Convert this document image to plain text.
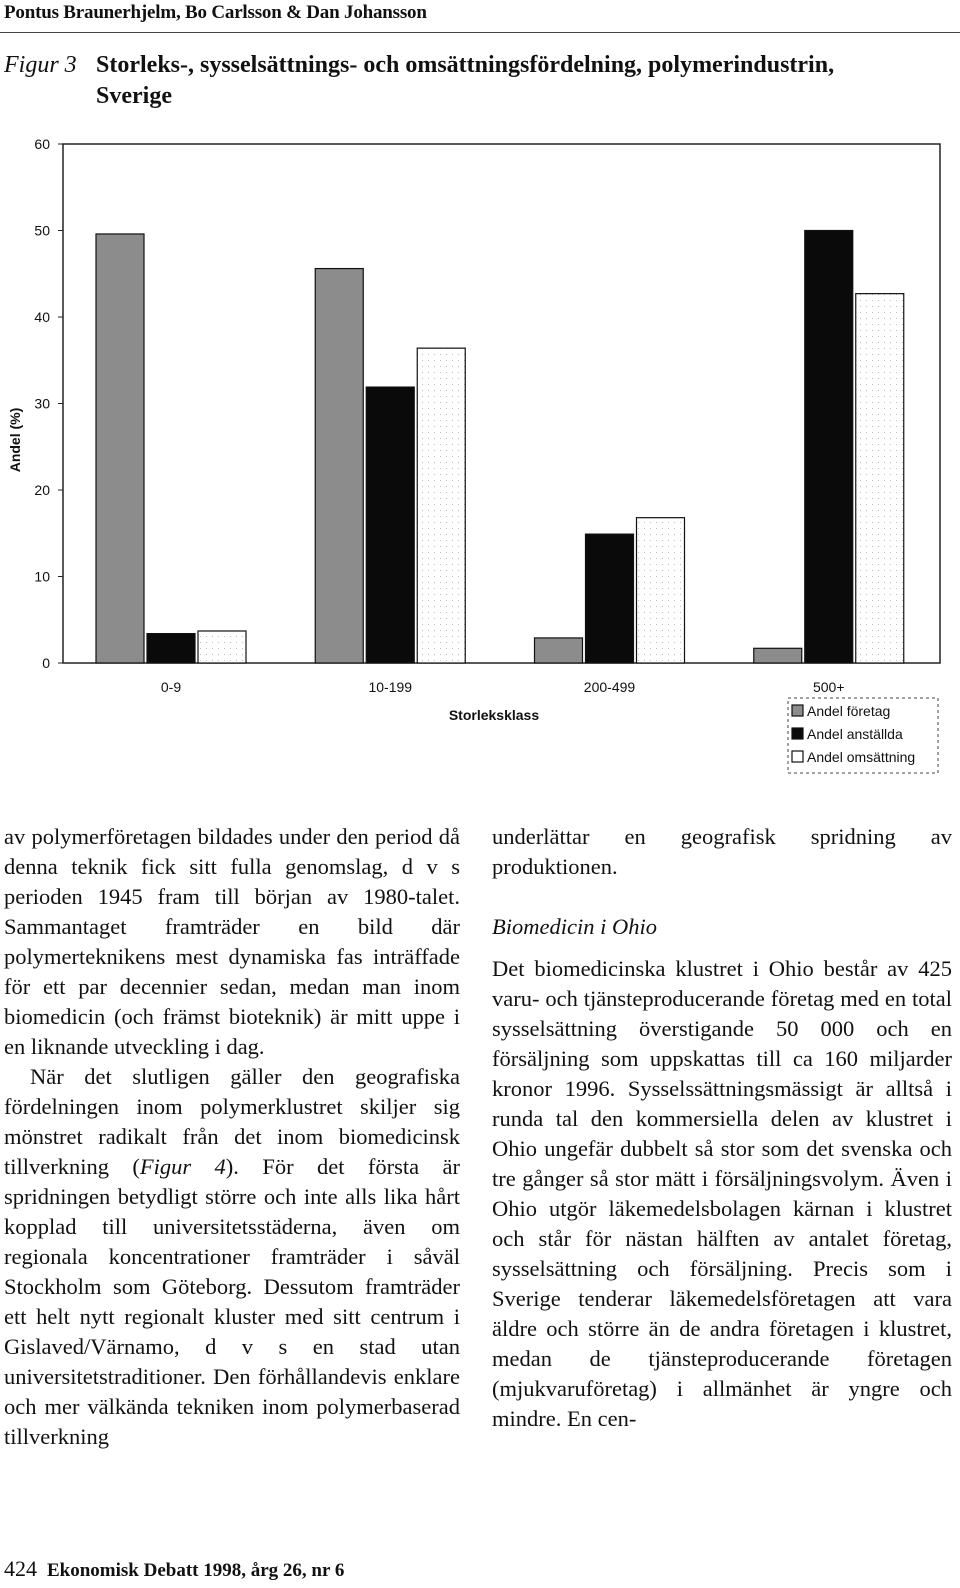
Pontus Braunerhjelm, Bo Carlsson & Dan Johansson
Figur 3 Storleks-, sysselsättnings- och omsättningsfördelning, polymerindustrin,
Sverige
0
10
20
30
40
50
60
0-9	10-199	200-499	500+
Andel (%)
Storleksklass	Andel företag
Andel anställda
Andel omsättning

av polymerföretagen bildades under den period då denna teknik fick sitt fulla genomslag, d v s perioden 1945 fram till början av 1980-talet. Sammantaget framträder en bild där polymerteknikens mest dynamiska fas inträffade för ett par decennier sedan, medan man inom biomedicin (och främst bioteknik) är mitt uppe i en liknande utveckling i dag.

När det slutligen gäller den geografiska fördelningen inom polymerklustret skiljer sig mönstret radikalt från det inom biomedicinsk tillverkning (Figur 4). För det första är spridningen betydligt större och inte alls lika hårt kopplad till universitetsstäderna, även om regionala koncentrationer framträder i såväl Stockholm som Göteborg. Dessutom framträder ett helt nytt regionalt kluster med sitt centrum i Gislaved/Värnamo, d v s en stad utan universitetstraditioner. Den förhållandevis enklare och mer välkända tekniken inom polymerbaserad tillverkning

underlättar en geografisk spridning av produktionen.

Biomedicin i Ohio

Det biomedicinska klustret i Ohio består av 425 varu- och tjänsteproducerande företag med en total sysselsättning överstigande 50 000 och en försäljning som uppskattas till ca 160 miljarder kronor 1996. Sysselssättningsmässigt är alltså i runda tal den kommersiella delen av klustret i Ohio ungefär dubbelt så stor som det svenska och tre gånger så stor mätt i försäljningsvolym. Även i Ohio utgör läkemedelsbolagen kärnan i klustret och står för nästan hälften av antalet företag, sysselsättning och försäljning. Precis som i Sverige tenderar läkemedelsföretagen att vara äldre och större än de andra företagen i klustret, medan de tjänsteproducerande företagen (mjukvaruföretag) i allmänhet är yngre och mindre. En cen-

424 Ekonomisk Debatt 1998, årg 26, nr 6
